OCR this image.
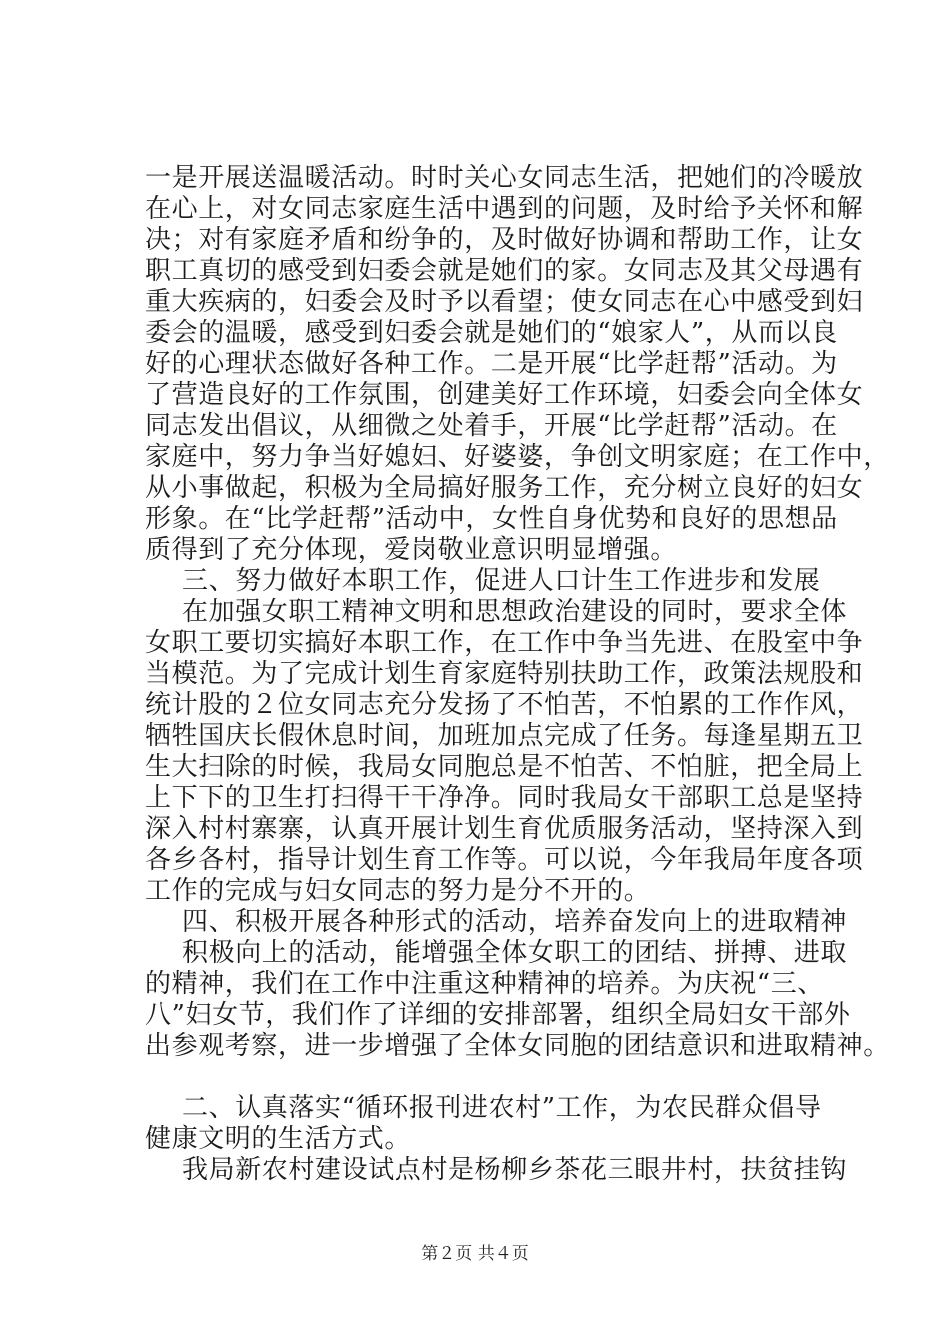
一是开展送温暖活动。时时关心女同志生活，把她们的冷暖放
在心上，对女同志家庭生活中遇到的问题，及时给予关怀和解
决；对有家庭矛盾和纷争的，及时做好协调和帮助工作，让女
职工真切的感受到妇委会就是她们的家。女同志及其父母遇有
重大疾病的，妇委会及时予以看望；使女同志在心中感受到妇
委会的温暖，感受到妇委会就是她们的“娘家人”，从而以良
好的心理状态做好各种工作。二是开展“比学赶帮”活动。为
了营造良好的工作氛围，创建美好工作环境，妇委会向全体女
同志发出倡议，从细微之处着手，开展“比学赶帮”活动。在
家庭中，努力争当好媳妇、好婆婆，争创文明家庭；在工作中，
从小事做起，积极为全局搞好服务工作，充分树立良好的妇女
形象。在“比学赶帮”活动中，女性自身优势和良好的思想品
质得到了充分体现，爱岗敬业意识明显增强。
三、努力做好本职工作，促进人口计生工作进步和发展
在加强女职工精神文明和思想政治建设的同时，要求全体
女职工要切实搞好本职工作，在工作中争当先进、在股室中争
当模范。为了完成计划生育家庭特别扶助工作，政策法规股和
统计股的２位女同志充分发扬了不怕苦，不怕累的工作作风，
牺牲国庆长假休息时间，加班加点完成了任务。每逢星期五卫
生大扫除的时候，我局女同胞总是不怕苦、不怕脏，把全局上
上下下的卫生打扫得干干净净。同时我局女干部职工总是坚持
深入村村寨寨，认真开展计划生育优质服务活动，坚持深入到
各乡各村，指导计划生育工作等。可以说，今年我局年度各项
工作的完成与妇女同志的努力是分不开的。
四、积极开展各种形式的活动，培养奋发向上的进取精神
积极向上的活动，能增强全体女职工的团结、拼搏、进取
的精神，我们在工作中注重这种精神的培养。为庆祝“三、
八”妇女节，我们作了详细的安排部署，组织全局妇女干部外
出参观考察，进一步增强了全体女同胞的团结意识和进取精神。
二、认真落实“循环报刊进农村”工作，为农民群众倡导
健康文明的生活方式。
我局新农村建设试点村是杨柳乡茶花三眼井村，扶贫挂钩
第２页 共４页
